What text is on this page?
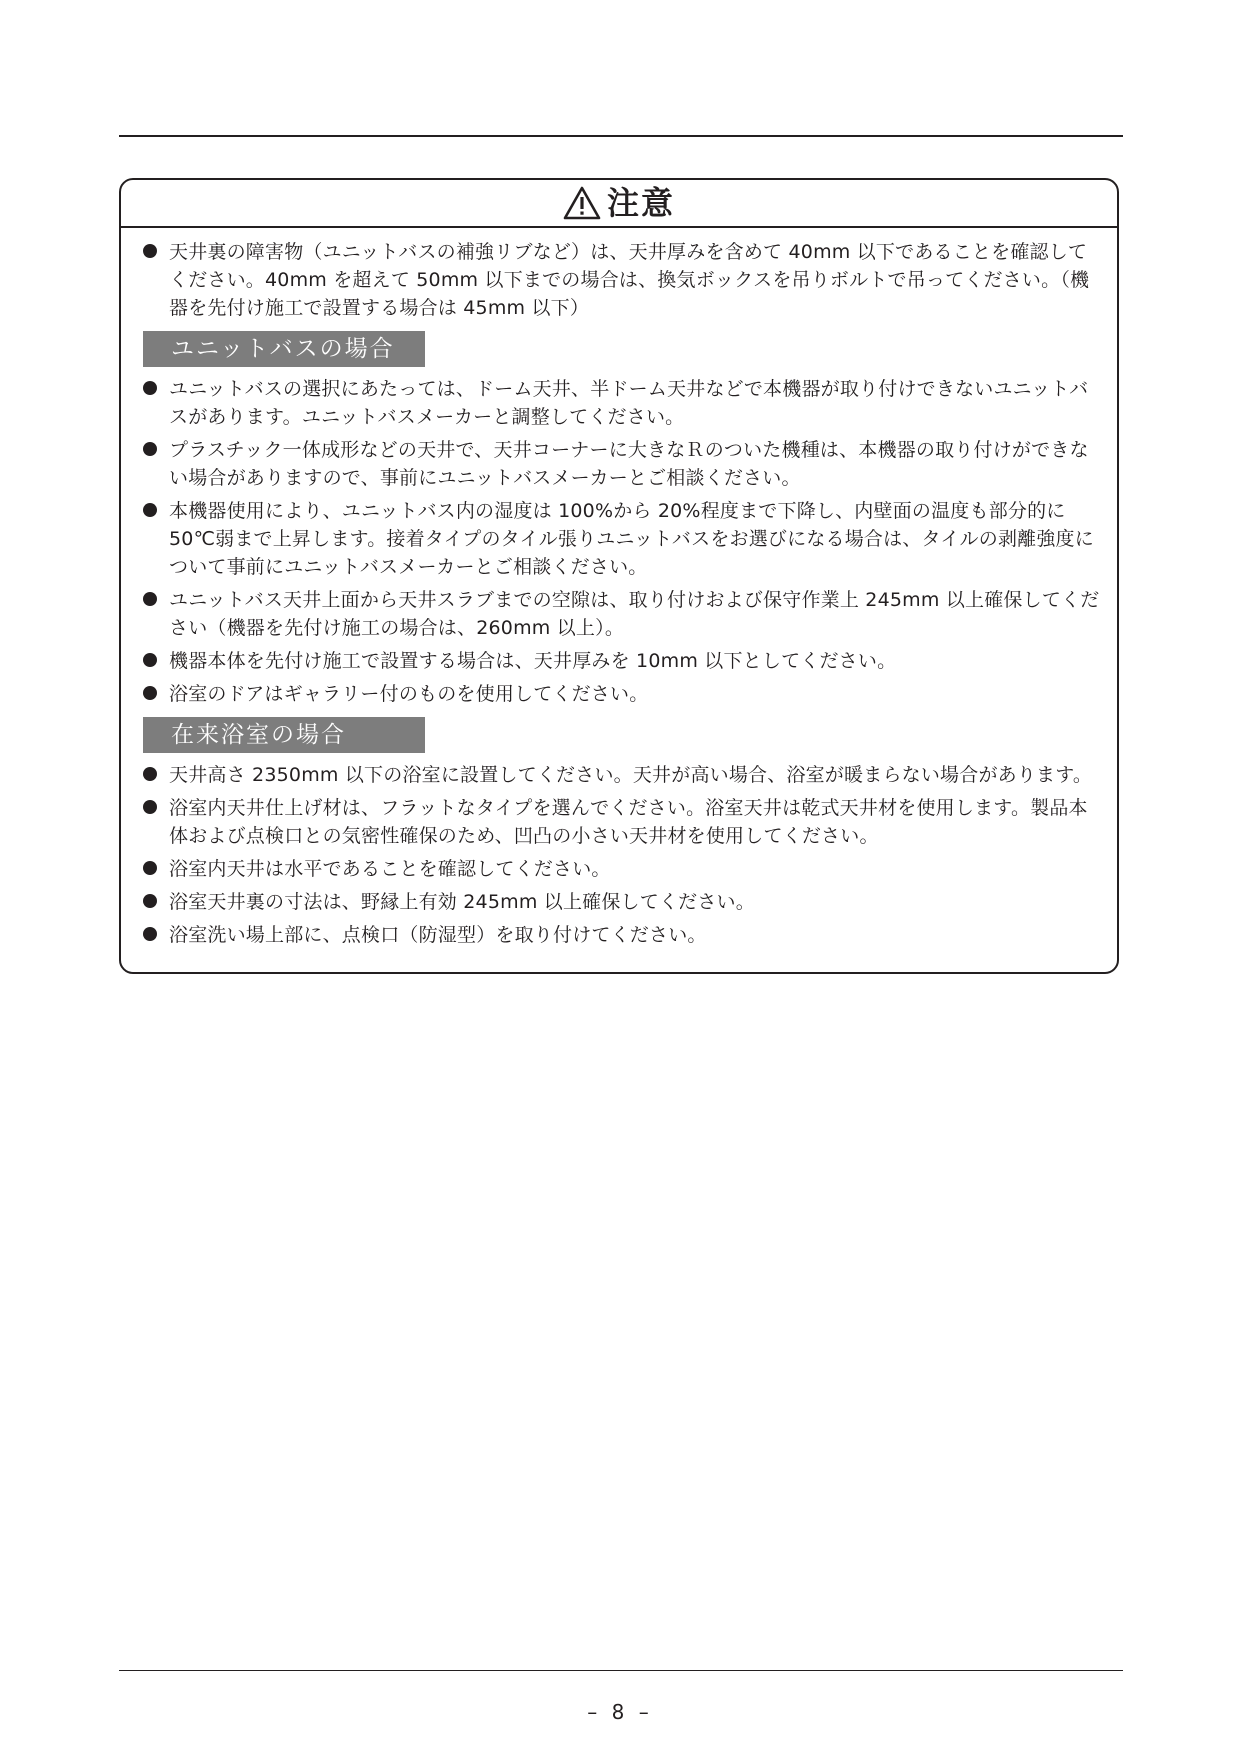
注意
天井裏の障害物（ユニットバスの補強リブなど）は、天井厚みを含めて 40mm 以下であることを確認してください。40mm を超えて 50mm 以下までの場合は、換気ボックスを吊りボルトで吊ってください。（機器を先付け施工で設置する場合は 45mm 以下）
ユニットバスの場合
ユニットバスの選択にあたっては、ドーム天井、半ドーム天井などで本機器が取り付けできないユニットバスがあります。ユニットバスメーカーと調整してください。
プラスチック一体成形などの天井で、天井コーナーに大きなＲのついた機種は、本機器の取り付けができない場合がありますので、事前にユニットバスメーカーとご相談ください。
本機器使用により、ユニットバス内の湿度は 100%から 20%程度まで下降し、内壁面の温度も部分的に 50℃弱まで上昇します。接着タイプのタイル張りユニットバスをお選びになる場合は、タイルの剥離強度について事前にユニットバスメーカーとご相談ください。
ユニットバス天井上面から天井スラブまでの空隙は、取り付けおよび保守作業上 245mm 以上確保してください（機器を先付け施工の場合は、260mm 以上）。
機器本体を先付け施工で設置する場合は、天井厚みを 10mm 以下としてください。
浴室のドアはギャラリー付のものを使用してください。
在来浴室の場合
天井高さ 2350mm 以下の浴室に設置してください。天井が高い場合、浴室が暖まらない場合があります。
浴室内天井仕上げ材は、フラットなタイプを選んでください。浴室天井は乾式天井材を使用します。製品本体および点検口との気密性確保のため、凹凸の小さい天井材を使用してください。
浴室内天井は水平であることを確認してください。
浴室天井裏の寸法は、野縁上有効 245mm 以上確保してください。
浴室洗い場上部に、点検口（防湿型）を取り付けてください。
– 8 –
